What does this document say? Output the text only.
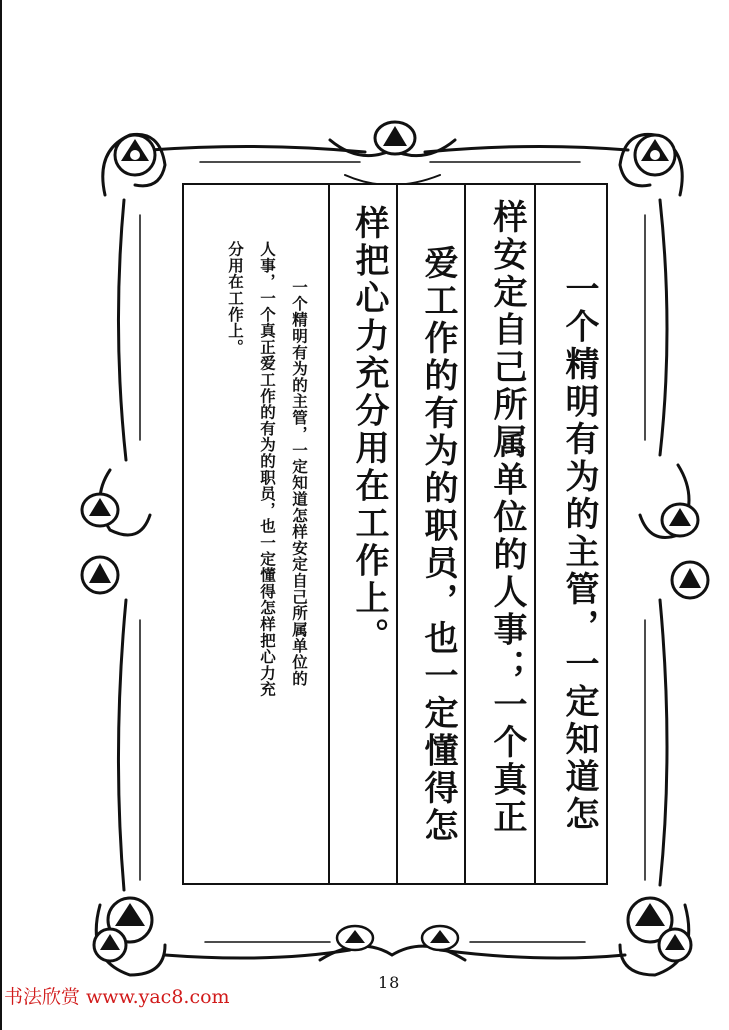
一个精明有为的主管，一定知道怎
样安定自己所属单位的人事；一个真正
爱工作的有为的职员，也一定懂得怎
样把心力充分用在工作上。
一个精明有为的主管，一定知道怎样安定自己所属单位的
人事，一个真正爱工作的有为的职员，也一定懂得怎样把心力充
分用在工作上。
18
书法欣赏 www.yac8.com
